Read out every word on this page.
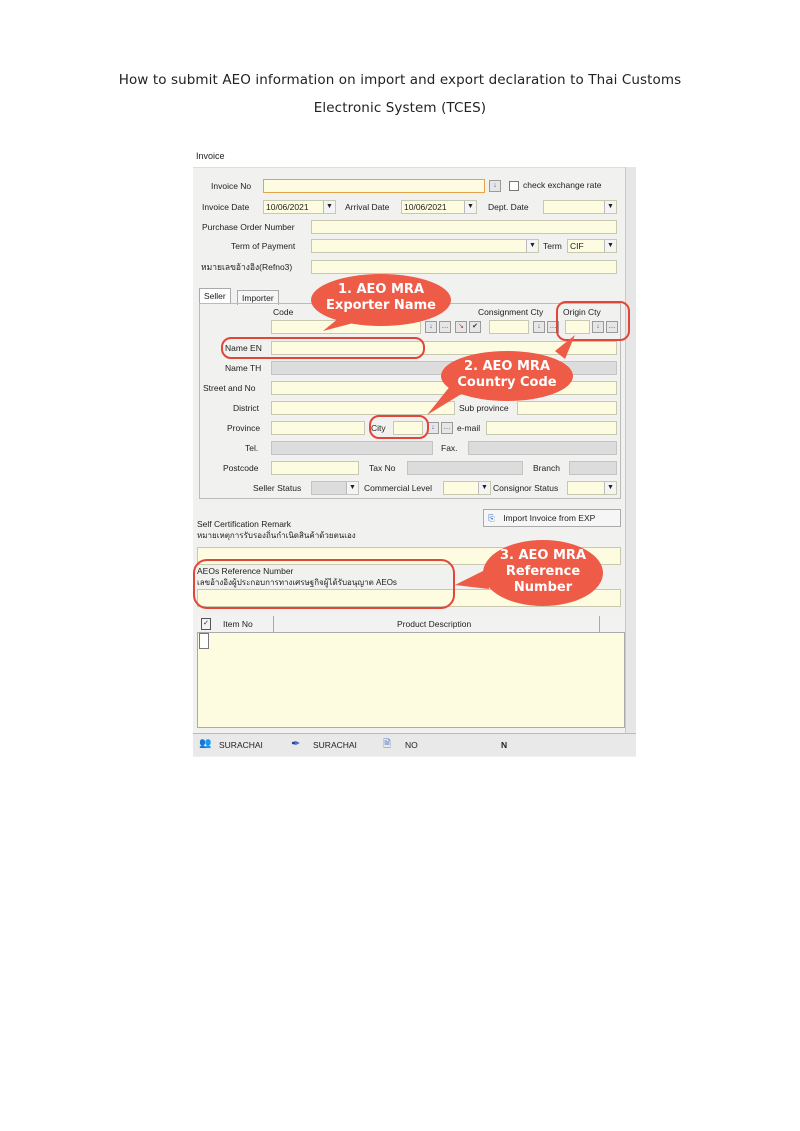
How to submit AEO information on import and export declaration to Thai Customs
Electronic System (TCES)
Invoice
Invoice No	↓	check exchange rate
Invoice Date	10/06/2021	▼ Arrival Date	10/06/2021	▼ Dept. Date	▼
Purchase Order Number
Term of Payment	▼ Term CIF	▼
หมายเลขอ้างอิง(Refno3)
Seller	Importer
Code	Consignment Cty Origin Cty
↓	…	↘	✔	↓	…	↓	…
Name EN
Name TH
Street and No
District	Sub province
Province	City	↓	… e-mail
Tel.	Fax.
Postcode	Tax No	Branch
Seller Status	▼ Commercial Level	▼ Consignor Status	▼
⎘ Import Invoice from EXP
Self Certification Remark
หมายเหตุการรับรองถิ่นกำเนิดสินค้าด้วยตนเอง
AEOs Reference Number
เลขอ้างอิงผู้ประกอบการทางเศรษฐกิจผู้ได้รับอนุญาต AEOs
✓ Item No	Product Description
👥 SURACHAI	✒ SURACHAI	🗎 NO	N
1. AEO MRA
Exporter Name
2. AEO MRA
Country Code
3. AEO MRA
Reference
Number
